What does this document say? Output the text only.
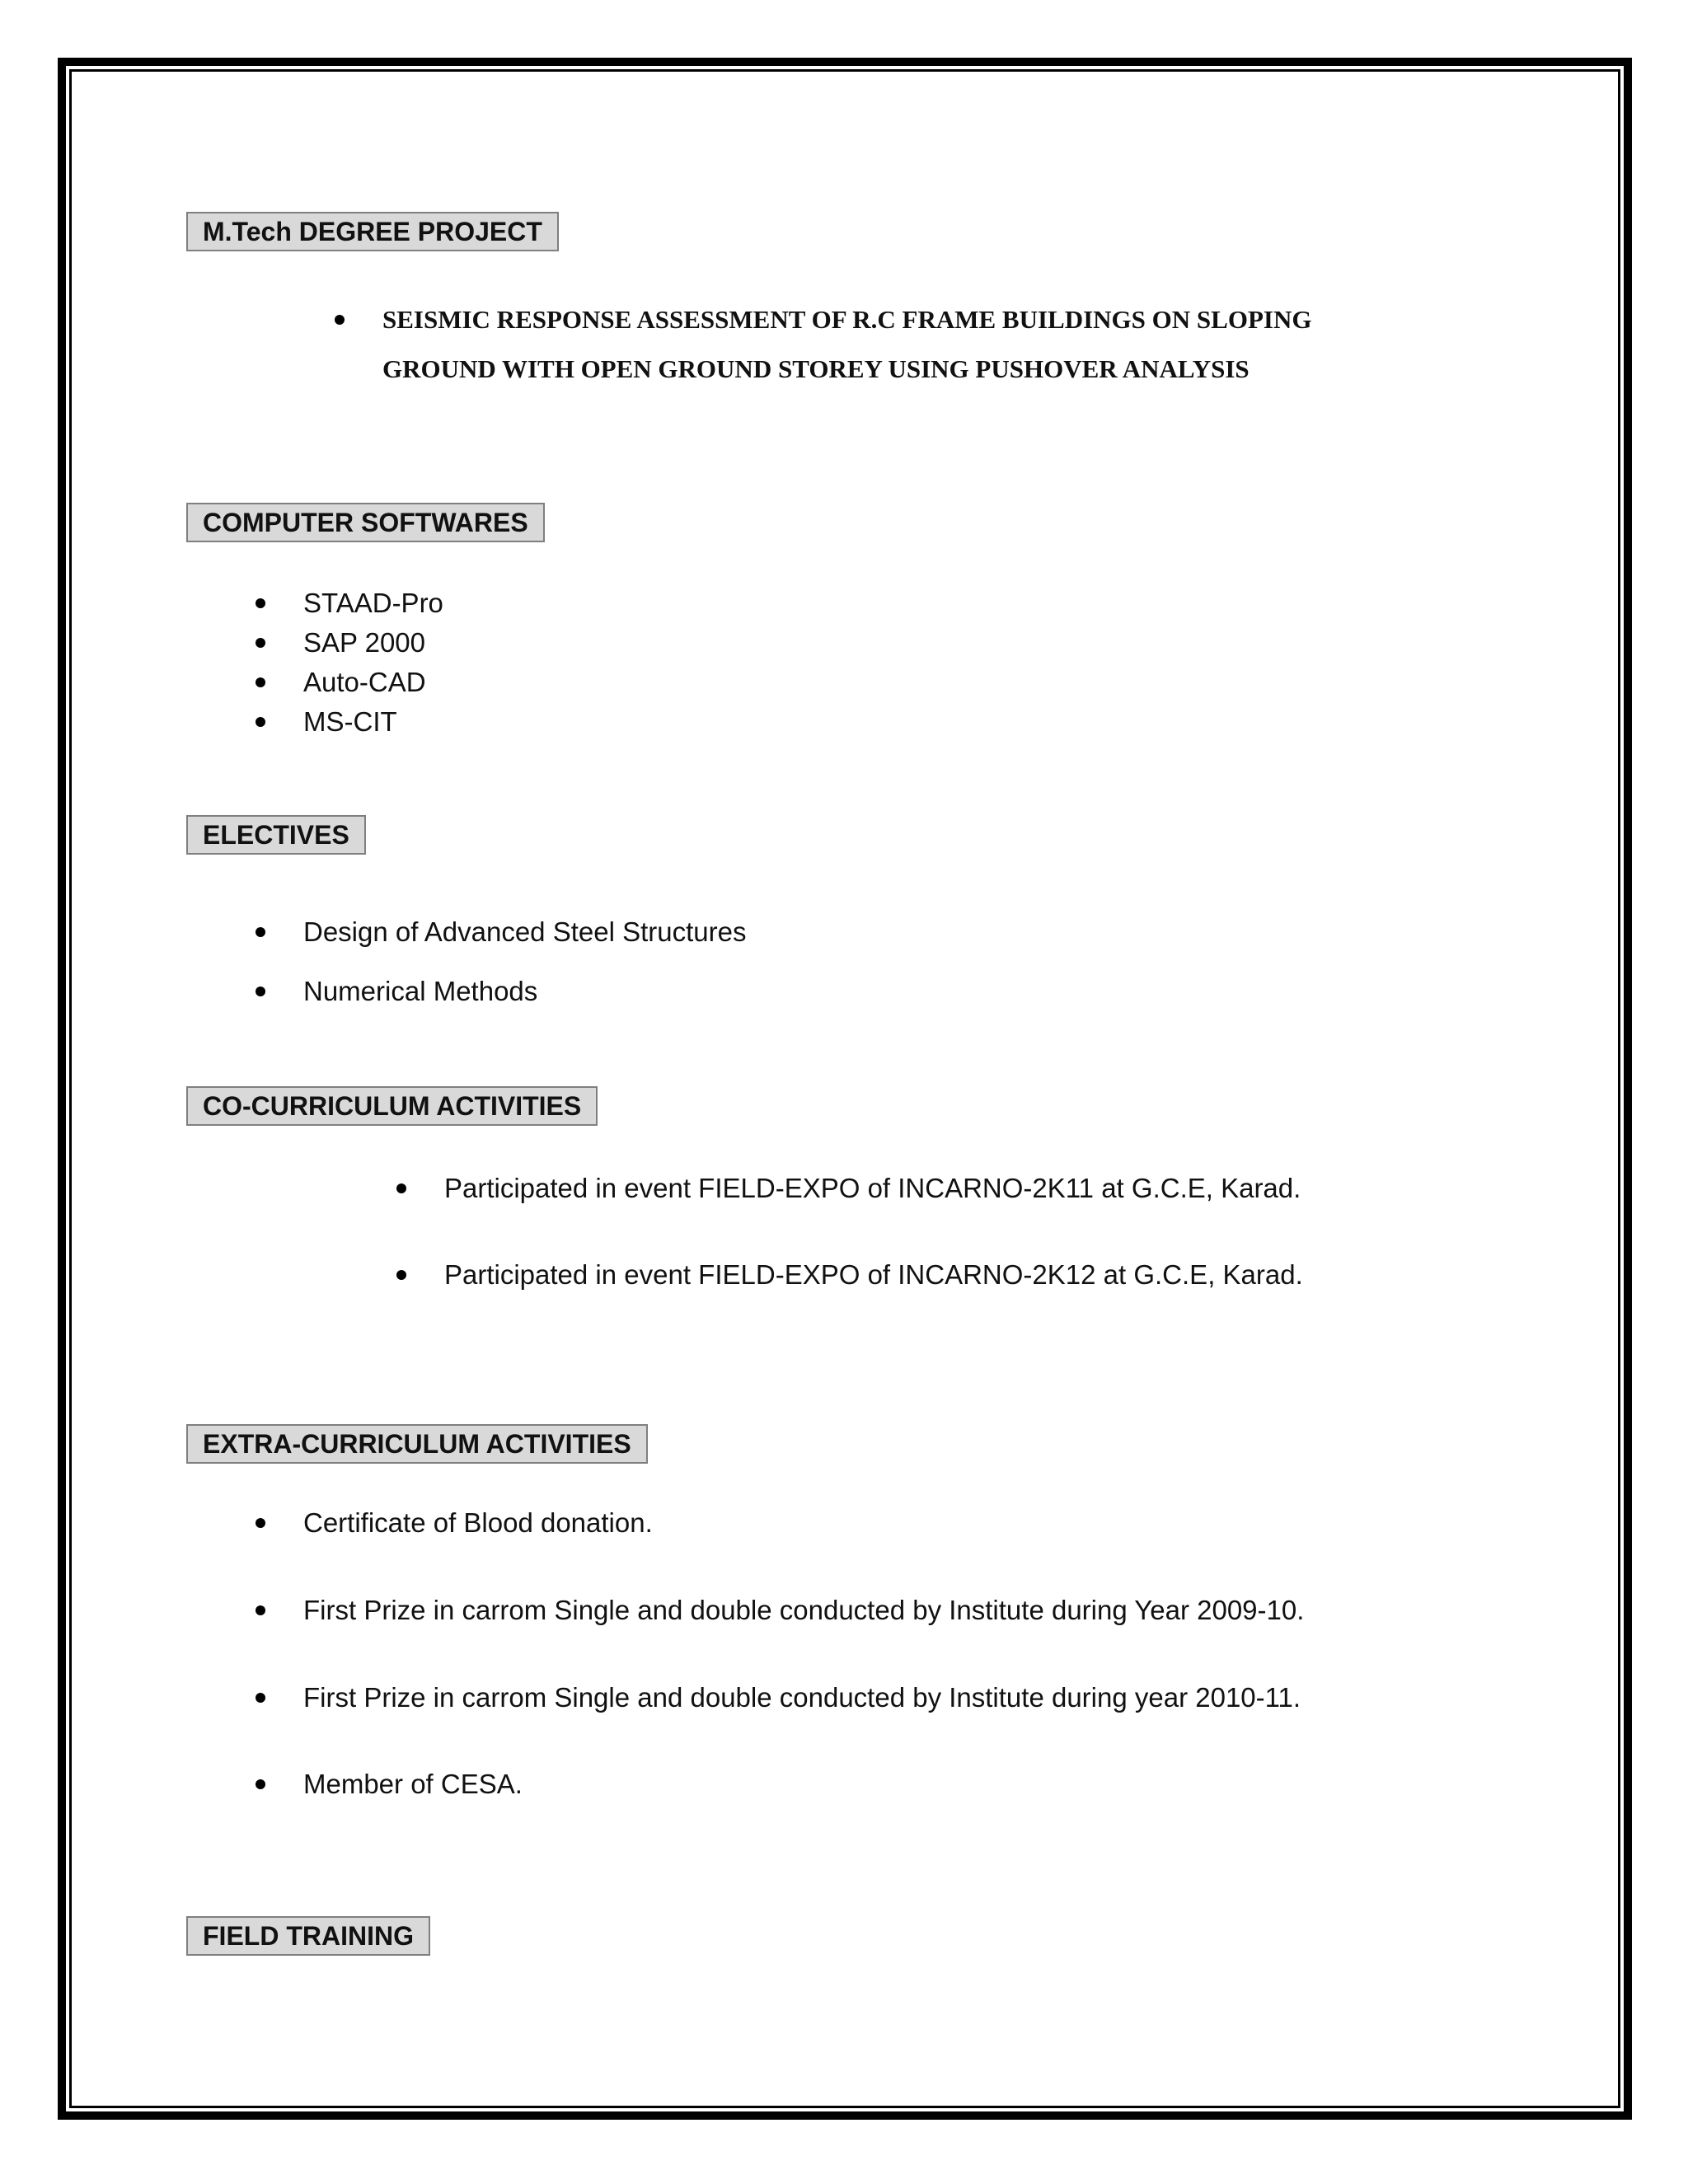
M.Tech DEGREE PROJECT
SEISMIC RESPONSE ASSESSMENT OF R.C FRAME BUILDINGS ON SLOPING
GROUND WITH OPEN GROUND STOREY USING PUSHOVER ANALYSIS
COMPUTER SOFTWARES
STAAD-Pro
SAP 2000
Auto-CAD
MS-CIT
ELECTIVES
Design of Advanced Steel Structures
Numerical Methods
CO-CURRICULUM ACTIVITIES
Participated in event FIELD-EXPO of INCARNO-2K11 at G.C.E, Karad.
Participated in event FIELD-EXPO of INCARNO-2K12 at G.C.E, Karad.
EXTRA-CURRICULUM ACTIVITIES
Certificate of Blood donation.
First Prize in carrom Single and double conducted by Institute during Year 2009-10.
First Prize in carrom Single and double conducted by Institute during year 2010-11.
Member of CESA.
FIELD TRAINING
